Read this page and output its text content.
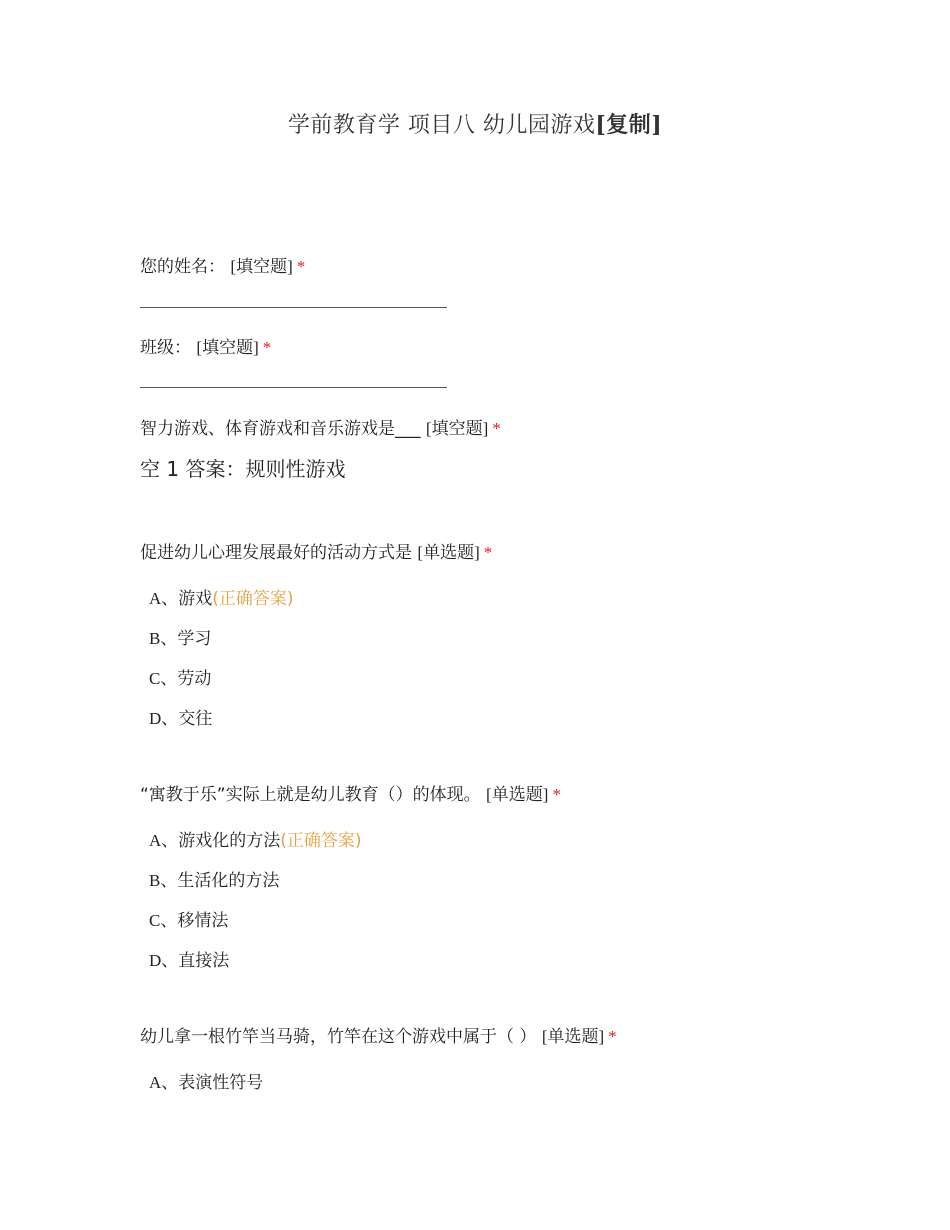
学前教育学 项目八 幼儿园游戏[复制]
您的姓名： [填空题] *
班级： [填空题] *
智力游戏、体育游戏和音乐游戏是___ [填空题] *
空 1 答案：规则性游戏
促进幼儿心理发展最好的活动方式是 [单选题] *
A、游戏(正确答案)
B、学习
C、劳动
D、交往
“寓教于乐”实际上就是幼儿教育（）的体现。 [单选题] *
A、游戏化的方法(正确答案)
B、生活化的方法
C、移情法
D、直接法
幼儿拿一根竹竿当马骑，竹竿在这个游戏中属于（ ） [单选题] *
A、表演性符号
